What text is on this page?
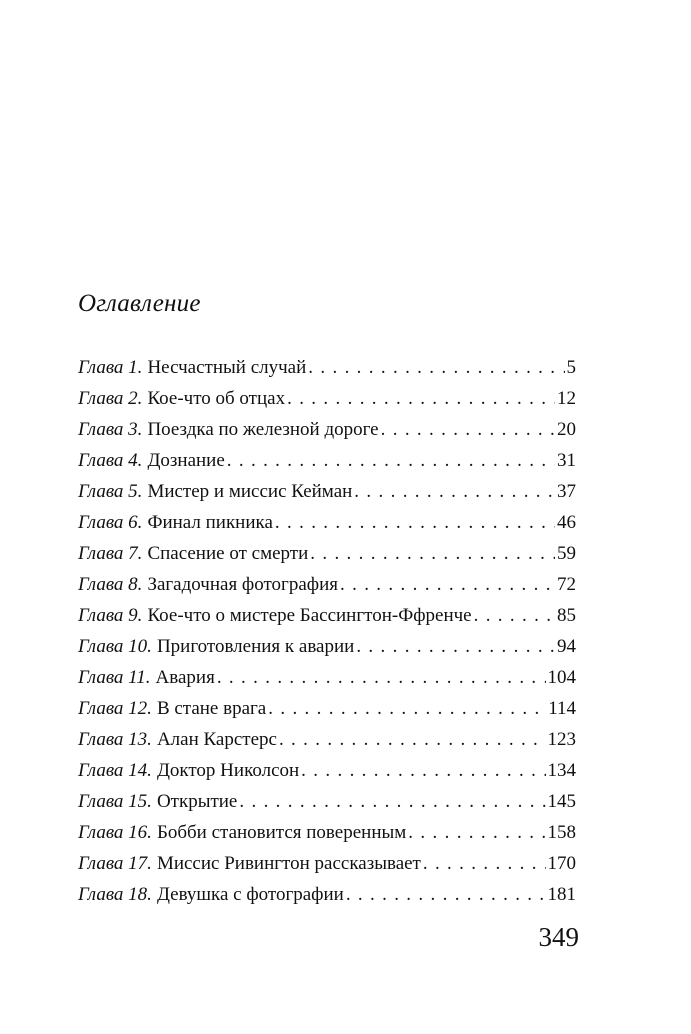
Оглавление
Глава 1. Несчастный случай . . .	5
Глава 2. Кое-что об отцах . . .	12
Глава 3. Поездка по железной дороге . . .	20
Глава 4. Дознание . . .	31
Глава 5. Мистер и миссис Кейман . . .	37
Глава 6. Финал пикника . . .	46
Глава 7. Спасение от смерти . . .	59
Глава 8. Загадочная фотография . . .	72
Глава 9. Кое-что о мистере Бассингтон-Ффренче . . .	85
Глава 10. Приготовления к аварии . . .	94
Глава 11. Авария . . .	104
Глава 12. В стане врага . . .	114
Глава 13. Алан Карстерс . . .	123
Глава 14. Доктор Николсон . . .	134
Глава 15. Открытие . . .	145
Глава 16. Бобби становится поверенным . . .	158
Глава 17. Миссис Ривингтон рассказывает . . .	170
Глава 18. Девушка с фотографии . . .	181

349
